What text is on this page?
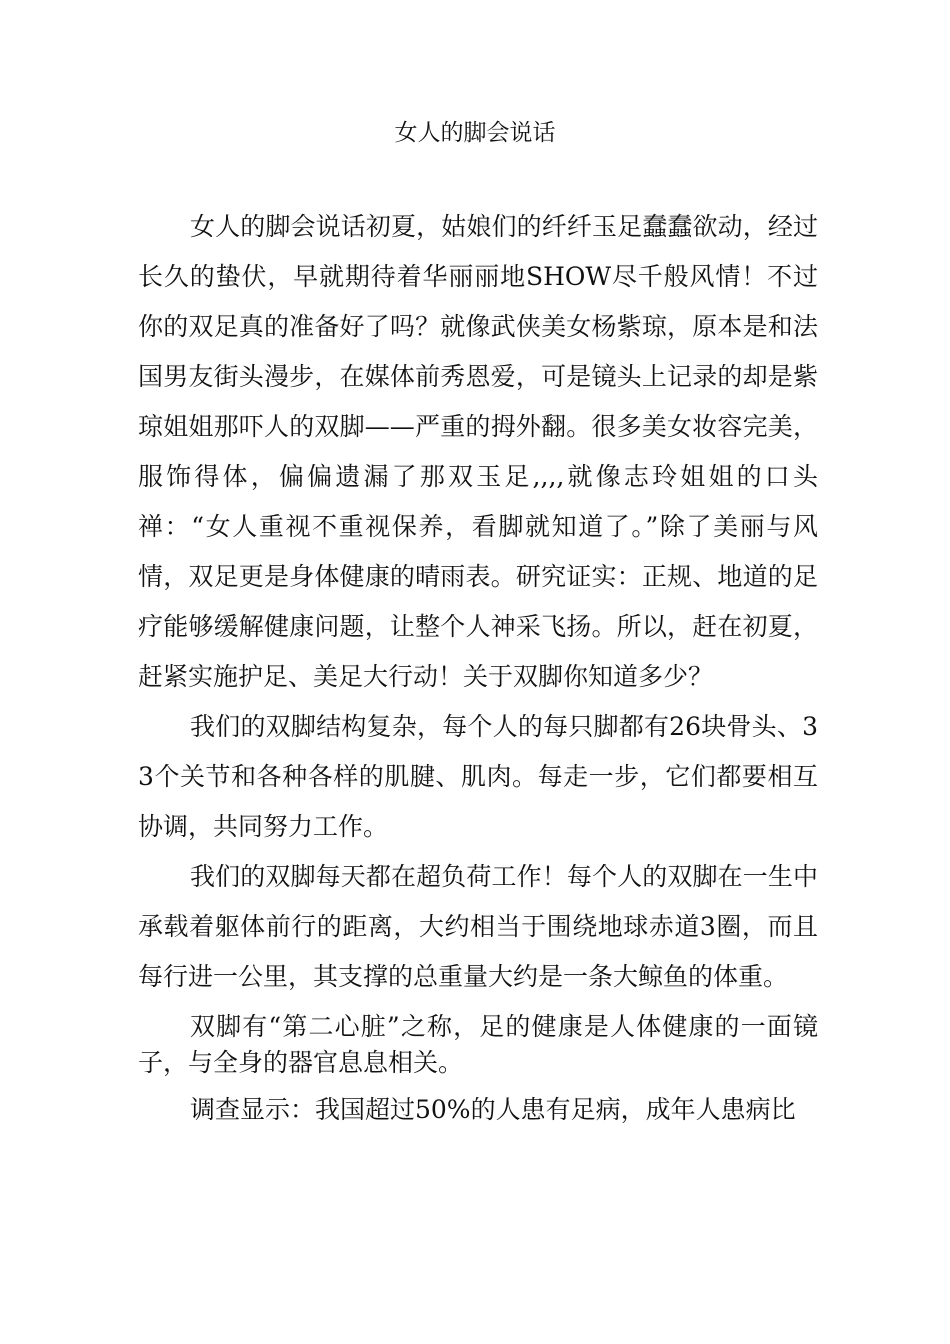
女人的脚会说话

女人的脚会说话初夏，姑娘们的纤纤玉足蠢蠢欲动，经过长久的蛰伏，早就期待着华丽丽地SHOW尽千般风情！不过你的双足真的准备好了吗？就像武侠美女杨紫琼，原本是和法国男友街头漫步，在媒体前秀恩爱，可是镜头上记录的却是紫琼姐姐那吓人的双脚——严重的拇外翻。很多美女妆容完美，服饰得体，偏偏遗漏了那双玉足,,,,就像志玲姐姐的口头禅：“女人重视不重视保养，看脚就知道了。”除了美丽与风情，双足更是身体健康的晴雨表。研究证实：正规、地道的足疗能够缓解健康问题，让整个人神采飞扬。所以，赶在初夏，赶紧实施护足、美足大行动！关于双脚你知道多少？

我们的双脚结构复杂，每个人的每只脚都有26块骨头、33个关节和各种各样的肌腱、肌肉。每走一步，它们都要相互协调，共同努力工作。

我们的双脚每天都在超负荷工作！每个人的双脚在一生中承载着躯体前行的距离，大约相当于围绕地球赤道3圈，而且每行进一公里，其支撑的总重量大约是一条大鲸鱼的体重。

双脚有“第二心脏”之称，足的健康是人体健康的一面镜子，与全身的器官息息相关。

调查显示：我国超过50%的人患有足病，成年人患病比
